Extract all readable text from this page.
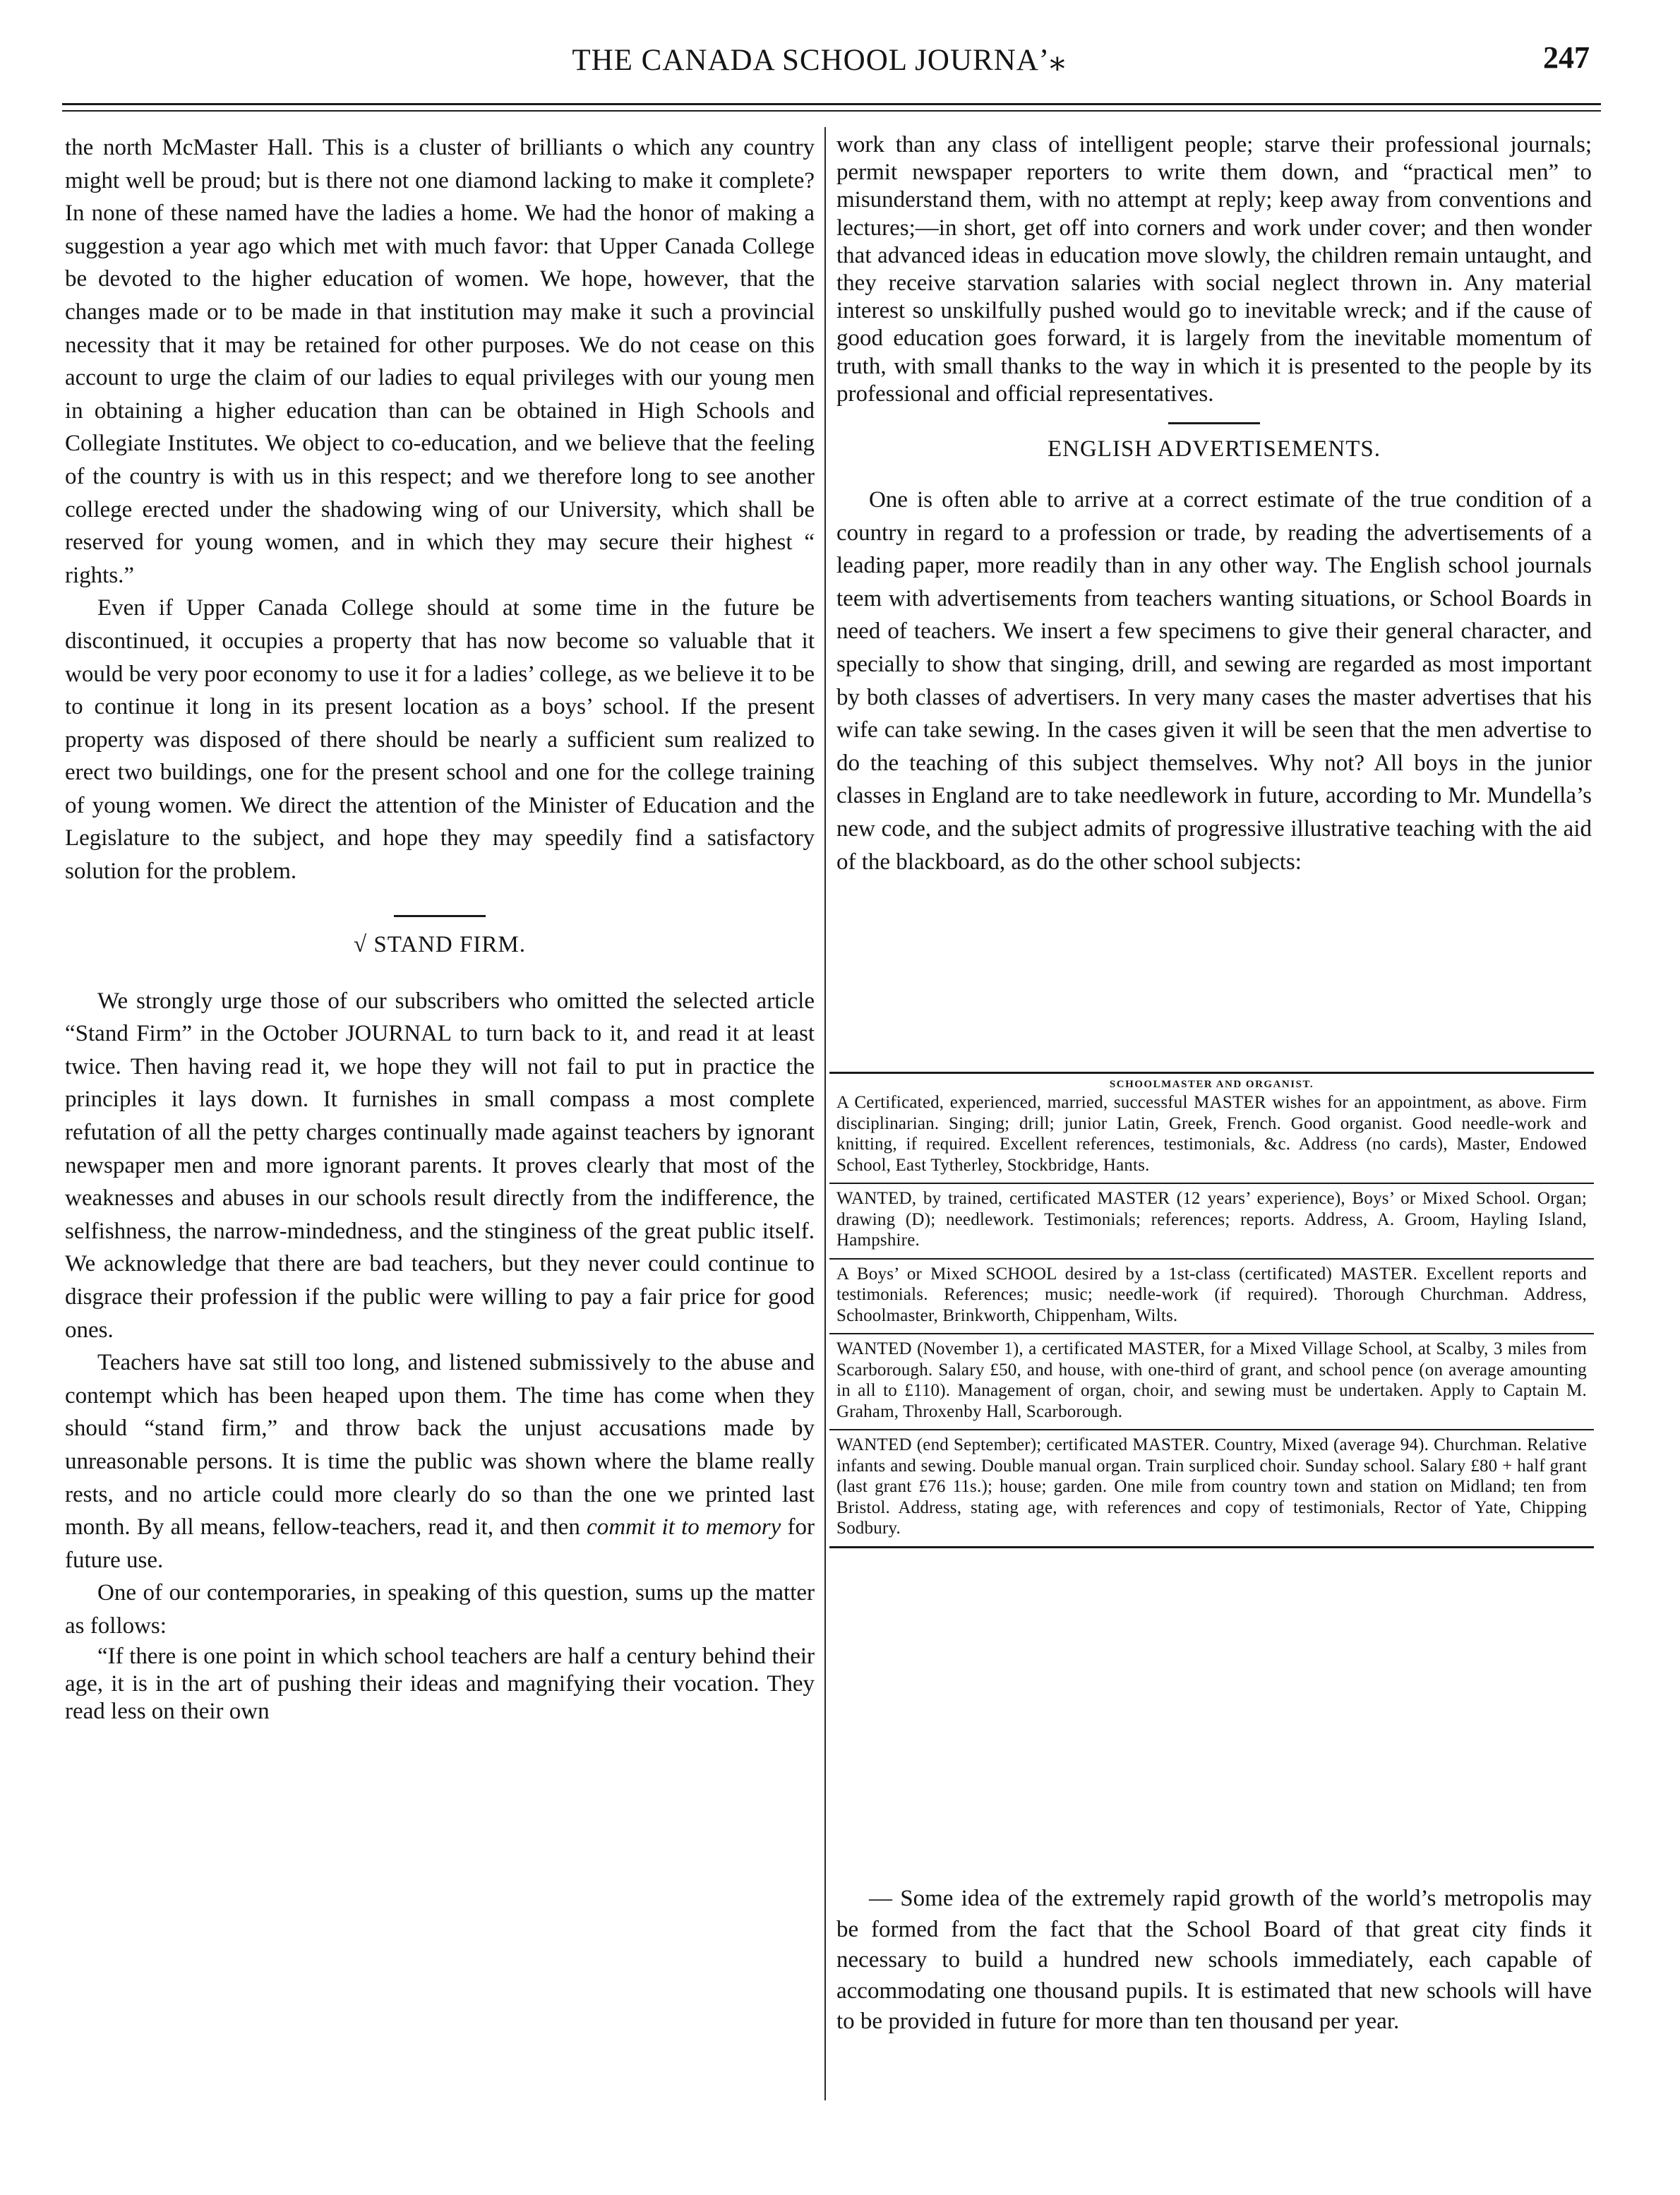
THE CANADA SCHOOL JOURNAʼ⁎	247

the north McMaster Hall. This is a cluster of brilliants o which any country might well be proud; but is there not one diamond lacking to make it complete? In none of these named have the ladies a home. We had the honor of making a suggestion a year ago which met with much favor: that Upper Canada College be devoted to the higher education of women. We hope, however, that the changes made or to be made in that institution may make it such a provincial necessity that it may be retained for other purposes. We do not cease on this account to urge the claim of our ladies to equal privileges with our young men in obtaining a higher education than can be obtained in High Schools and Collegiate Institutes. We object to co-education, and we believe that the feeling of the country is with us in this respect; and we therefore long to see another college erected under the shadowing wing of our University, which shall be reserved for young women, and in which they may secure their highest “ rights.”

Even if Upper Canada College should at some time in the future be discontinued, it occupies a property that has now become so valuable that it would be very poor economy to use it for a ladies’ college, as we believe it to be to continue it long in its present location as a boys’ school. If the present property was disposed of there should be nearly a sufficient sum realized to erect two buildings, one for the present school and one for the college training of young women. We direct the attention of the Minister of Education and the Legislature to the subject, and hope they may speedily find a satisfactory solution for the problem.

√ STAND FIRM.

We strongly urge those of our subscribers who omitted the selected article “Stand Firm” in the October JOURNAL to turn back to it, and read it at least twice. Then having read it, we hope they will not fail to put in practice the principles it lays down. It furnishes in small compass a most complete refutation of all the petty charges continually made against teachers by ignorant newspaper men and more ignorant parents. It proves clearly that most of the weaknesses and abuses in our schools result directly from the indifference, the selfishness, the narrow-mindedness, and the stinginess of the great public itself. We acknowledge that there are bad teachers, but they never could continue to disgrace their profession if the public were willing to pay a fair price for good ones.

Teachers have sat still too long, and listened submissively to the abuse and contempt which has been heaped upon them. The time has come when they should “stand firm,” and throw back the unjust accusations made by unreasonable persons. It is time the public was shown where the blame really rests, and no article could more clearly do so than the one we printed last month. By all means, fellow-teachers, read it, and then commit it to memory for future use.

One of our contemporaries, in speaking of this question, sums up the matter as follows:

“If there is one point in which school teachers are half a century behind their age, it is in the art of pushing their ideas and magnifying their vocation. They read less on their own

work than any class of intelligent people; starve their professional journals; permit newspaper reporters to write them down, and “practical men” to misunderstand them, with no attempt at reply; keep away from conventions and lectures;—in short, get off into corners and work under cover; and then wonder that advanced ideas in education move slowly, the children remain untaught, and they receive starvation salaries with social neglect thrown in. Any material interest so unskilfully pushed would go to inevitable wreck; and if the cause of good education goes forward, it is largely from the inevitable momentum of truth, with small thanks to the way in which it is presented to the people by its professional and official representatives.

ENGLISH ADVERTISEMENTS.

One is often able to arrive at a correct estimate of the true condition of a country in regard to a profession or trade, by reading the advertisements of a leading paper, more readily than in any other way. The English school journals teem with advertisements from teachers wanting situations, or School Boards in need of teachers. We insert a few specimens to give their general character, and specially to show that singing, drill, and sewing are regarded as most important by both classes of advertisers. In very many cases the master advertises that his wife can take sewing. In the cases given it will be seen that the men advertise to do the teaching of this subject themselves. Why not? All boys in the junior classes in England are to take needlework in future, according to Mr. Mundella’s new code, and the subject admits of progressive illustrative teaching with the aid of the blackboard, as do the other school subjects:

SCHOOLMASTER AND ORGANIST.
A Certificated, experienced, married, successful MASTER wishes for an appointment, as above. Firm disciplinarian. Singing; drill; junior Latin, Greek, French. Good organist. Good needle-work and knitting, if required. Excellent references, testimonials, &c. Address (no cards), Master, Endowed School, East Tytherley, Stockbridge, Hants.
WANTED, by trained, certificated MASTER (12 years’ experience), Boys’ or Mixed School. Organ; drawing (D); needlework. Testimonials; references; reports. Address, A. Groom, Hayling Island, Hampshire.
A Boys’ or Mixed SCHOOL desired by a 1st-class (certificated) MASTER. Excellent reports and testimonials. References; music; needle-work (if required). Thorough Churchman. Address, Schoolmaster, Brinkworth, Chippenham, Wilts.
WANTED (November 1), a certificated MASTER, for a Mixed Village School, at Scalby, 3 miles from Scarborough. Salary £50, and house, with one-third of grant, and school pence (on average amounting in all to £110). Management of organ, choir, and sewing must be undertaken. Apply to Captain M. Graham, Throxenby Hall, Scarborough.
WANTED (end September); certificated MASTER. Country, Mixed (average 94). Churchman. Relative infants and sewing. Double manual organ. Train surpliced choir. Sunday school. Salary £80 + half grant (last grant £76 11s.); house; garden. One mile from country town and station on Midland; ten from Bristol. Address, stating age, with references and copy of testimonials, Rector of Yate, Chipping Sodbury.

— Some idea of the extremely rapid growth of the world’s metropolis may be formed from the fact that the School Board of that great city finds it necessary to build a hundred new schools immediately, each capable of accommodating one thousand pupils. It is estimated that new schools will have to be provided in future for more than ten thousand per year.
